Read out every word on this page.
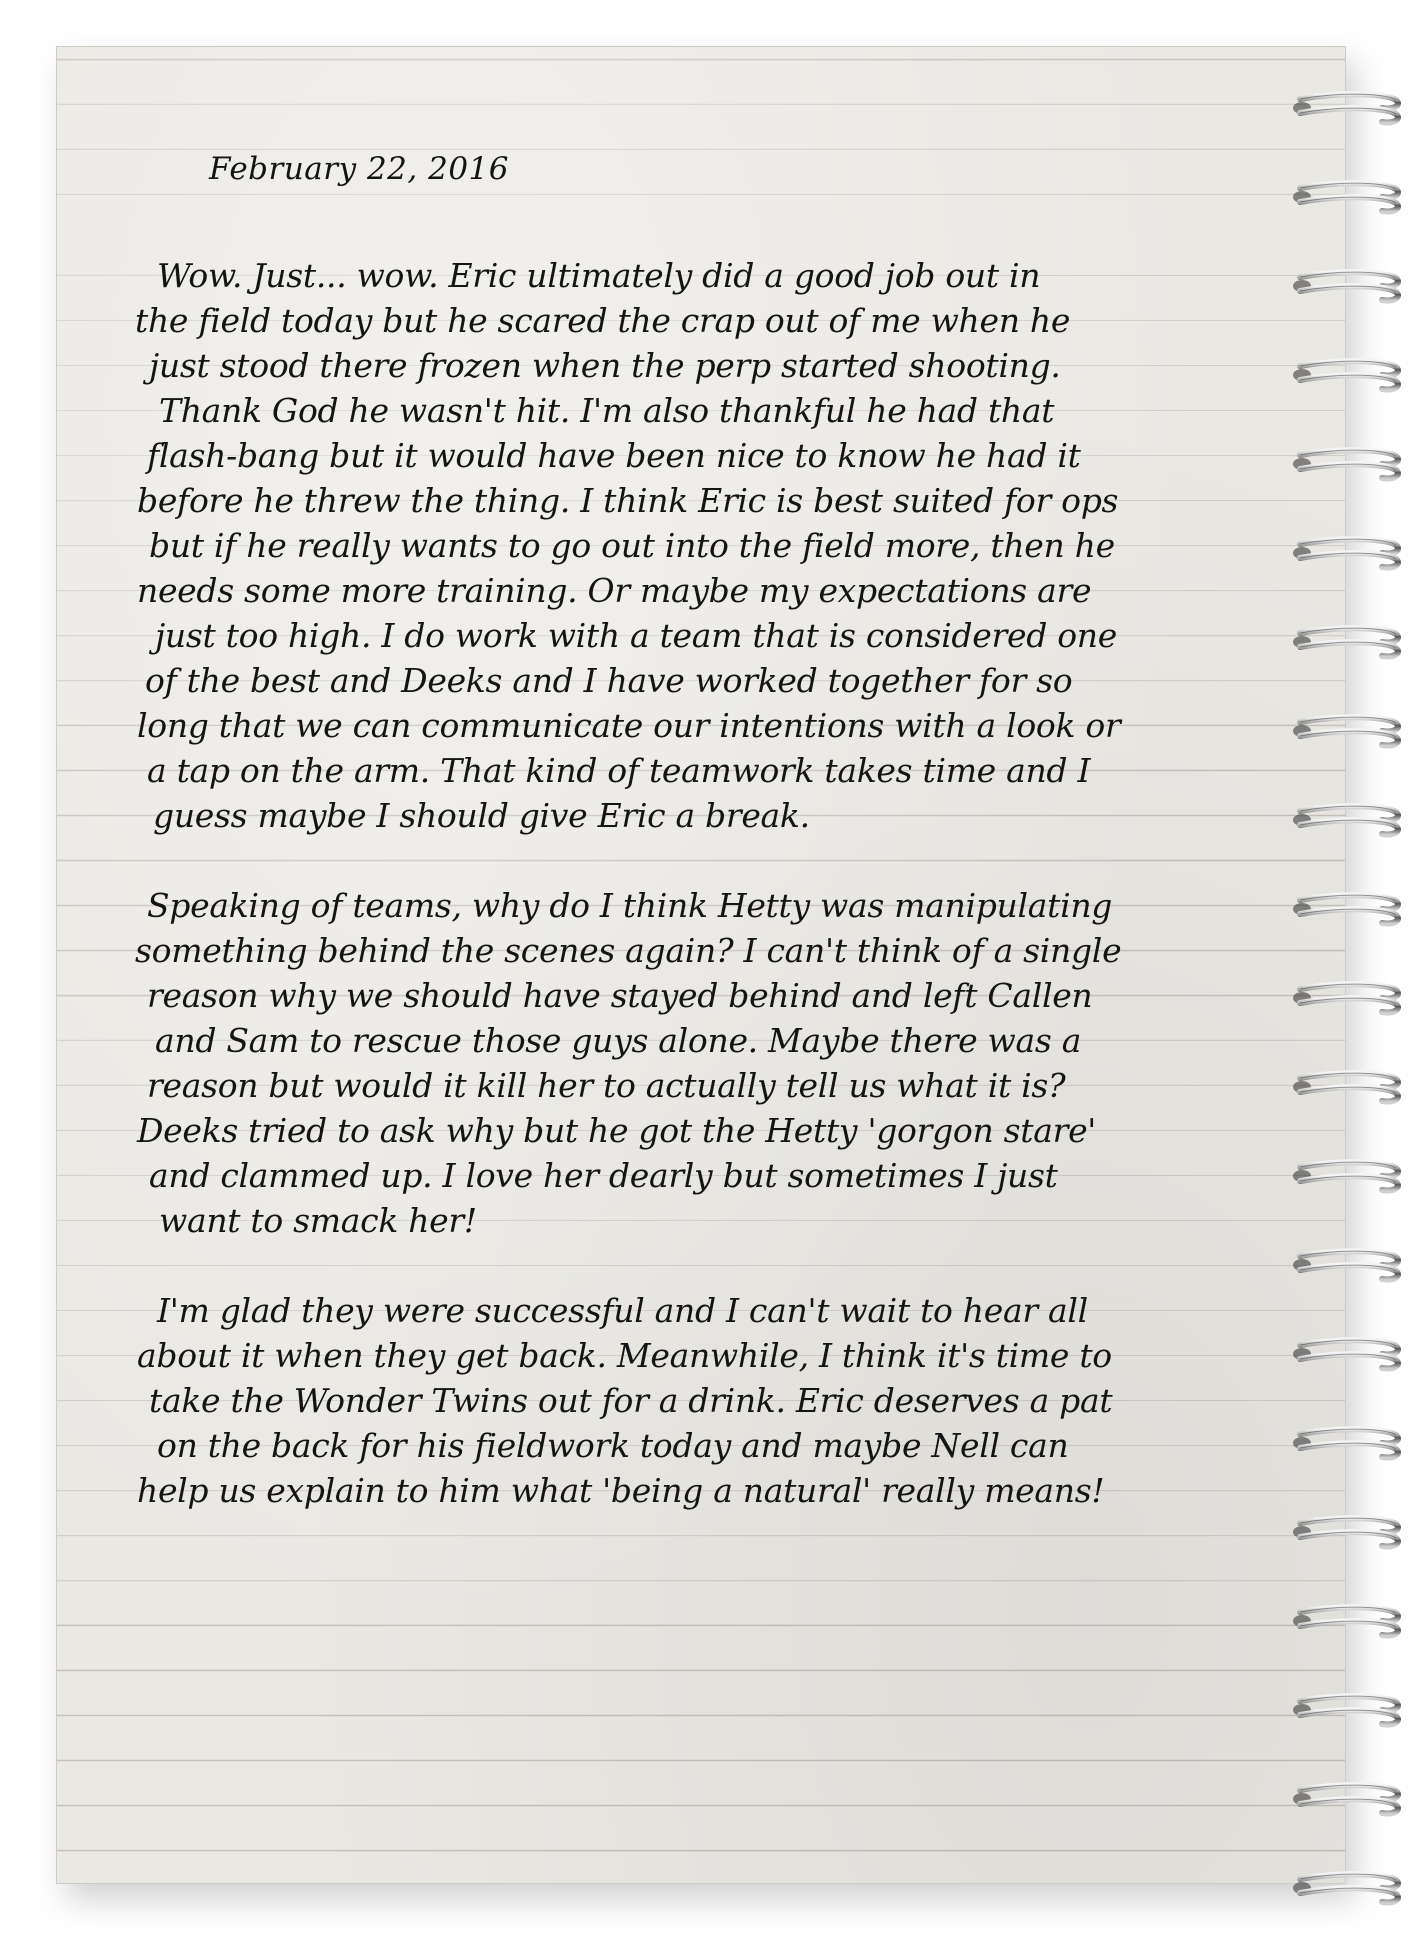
February 22, 2016
Wow. Just... wow. Eric ultimately did a good job out in
the field today but he scared the crap out of me when he
just stood there frozen when the perp started shooting.
Thank God he wasn't hit. I'm also thankful he had that
flash-bang but it would have been nice to know he had it
before he threw the thing. I think Eric is best suited for ops
but if he really wants to go out into the field more, then he
needs some more training. Or maybe my expectations are
just too high. I do work with a team that is considered one
of the best and Deeks and I have worked together for so
long that we can communicate our intentions with a look or
a tap on the arm. That kind of teamwork takes time and I
guess maybe I should give Eric a break.
Speaking of teams, why do I think Hetty was manipulating
something behind the scenes again? I can't think of a single
reason why we should have stayed behind and left Callen
and Sam to rescue those guys alone. Maybe there was a
reason but would it kill her to actually tell us what it is?
Deeks tried to ask why but he got the Hetty 'gorgon stare'
and clammed up. I love her dearly but sometimes I just
want to smack her!
I'm glad they were successful and I can't wait to hear all
about it when they get back. Meanwhile, I think it's time to
take the Wonder Twins out for a drink. Eric deserves a pat
on the back for his fieldwork today and maybe Nell can
help us explain to him what 'being a natural' really means!
